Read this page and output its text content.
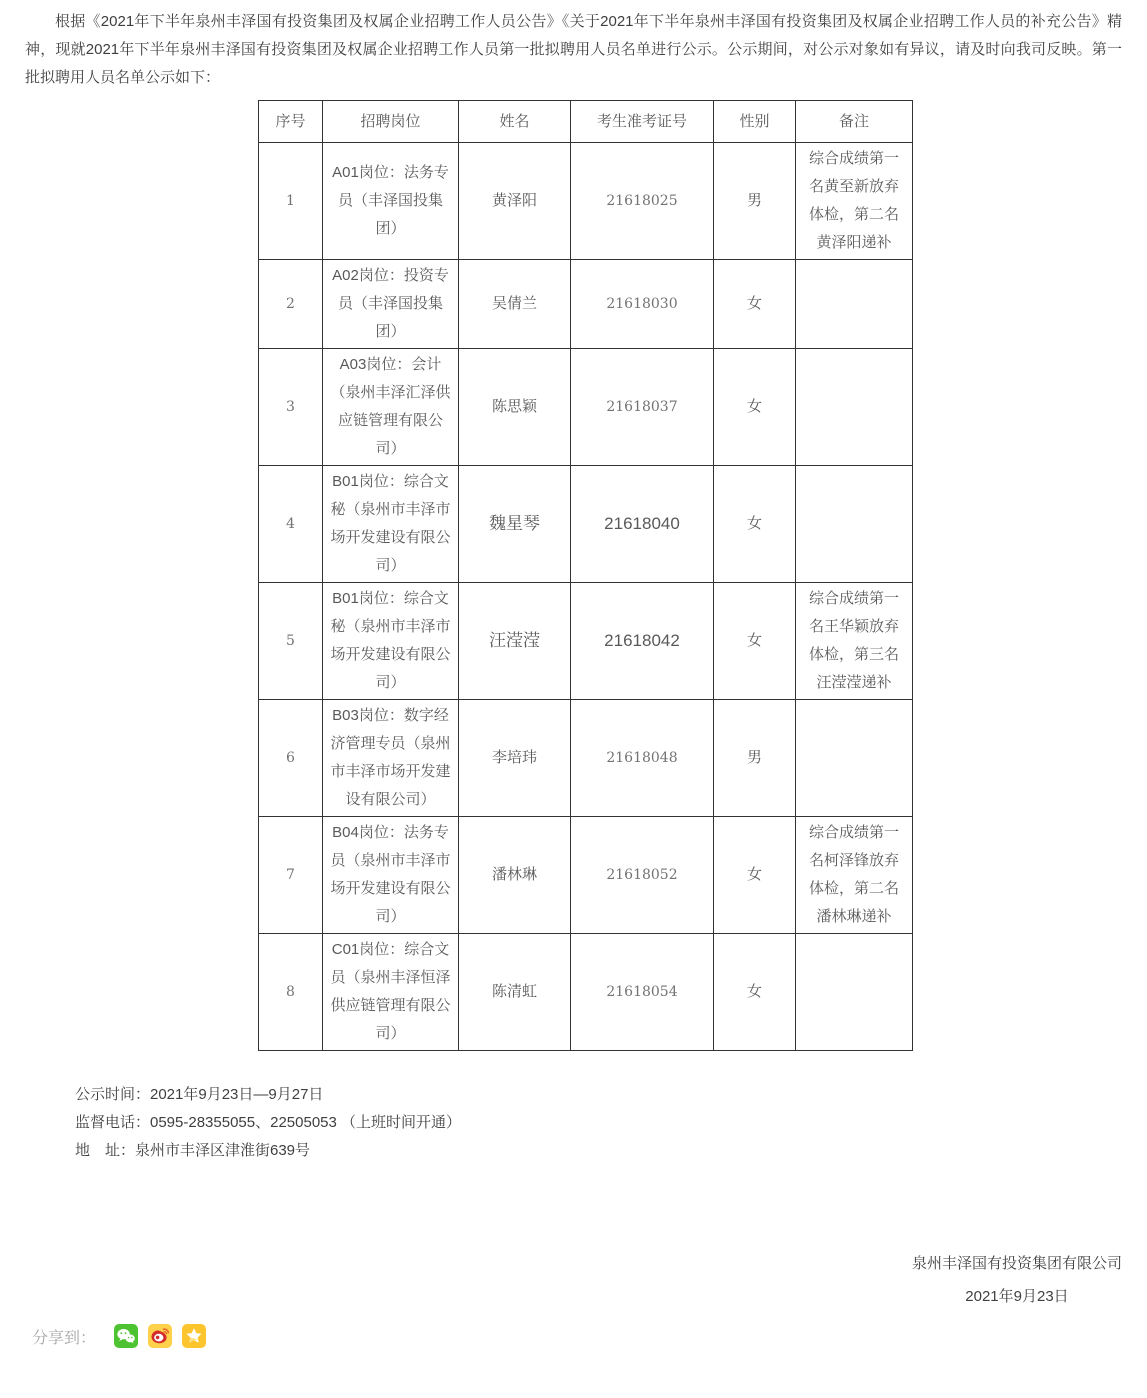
根据《2021年下半年泉州丰泽国有投资集团及权属企业招聘工作人员公告》《关于2021年下半年泉州丰泽国有投资集团及权属企业招聘工作人员的补充公告》精神，现就2021年下半年泉州丰泽国有投资集团及权属企业招聘工作人员第一批拟聘用人员名单进行公示。公示期间，对公示对象如有异议，请及时向我司反映。第一批拟聘用人员名单公示如下：

序号	招聘岗位	姓名	考生准考证号	性别	备注
1	A01岗位：法务专员（丰泽国投集团）	黄泽阳	21618025	男	综合成绩第一名黄至新放弃体检，第二名黄泽阳递补
2	A02岗位：投资专员（丰泽国投集团）	吴倩兰	21618030	女	
3	A03岗位：会计（泉州丰泽汇泽供应链管理有限公司）	陈思颖	21618037	女	
4	B01岗位：综合文秘（泉州市丰泽市场开发建设有限公司）	魏星琴	21618040	女	
5	B01岗位：综合文秘（泉州市丰泽市场开发建设有限公司）	汪滢滢	21618042	女	综合成绩第一名王华颖放弃体检，第三名汪滢滢递补
6	B03岗位：数字经济管理专员（泉州市丰泽市场开发建设有限公司）	李培玮	21618048	男	
7	B04岗位：法务专员（泉州市丰泽市场开发建设有限公司）	潘林琳	21618052	女	综合成绩第一名柯泽锋放弃体检，第二名潘林琳递补
8	C01岗位：综合文员（泉州丰泽恒泽供应链管理有限公司）	陈清虹	21618054	女	
公示时间：2021年9月23日—9月27日
监督电话：0595-28355055、22505053 （上班时间开通）
地　址：泉州市丰泽区津淮街639号
泉州丰泽国有投资集团有限公司
2021年9月23日
分享到：
